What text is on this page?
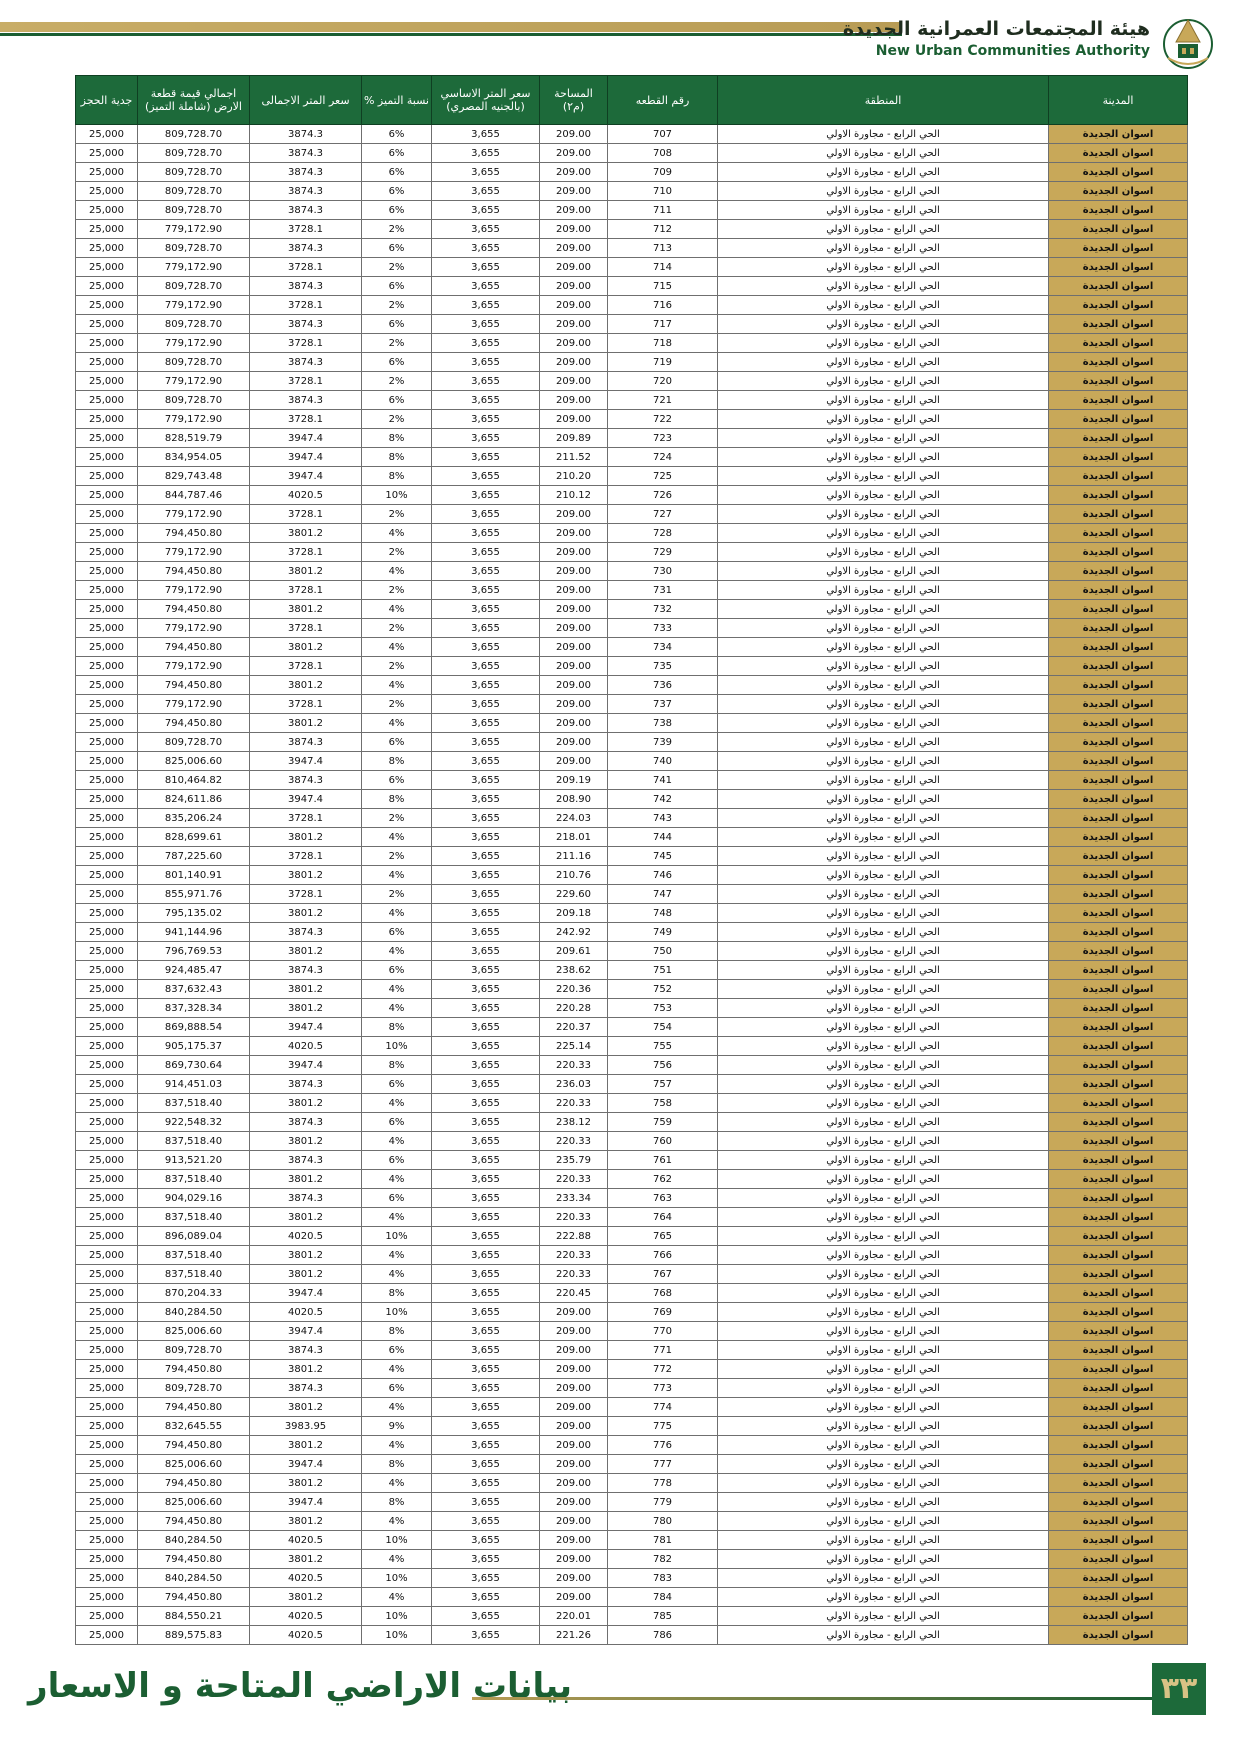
هيئة المجتمعات العمرانية الجديدة
New Urban Communities Authority
جدية الحجز	اجمالي قيمة قطعة الارض (شاملة التميز)	سعر المتر الاجمالى	نسبة التميز %	سعر المتر الاساسي (بالجنيه المصري)	المساحة (م٢)	رقم القطعه	المنطقة	المدينة
25,000	809,728.70	3874.3	6%	3,655	209.00	707	الحي الرابع - مجاورة الاولي	اسوان الجديدة
25,000	809,728.70	3874.3	6%	3,655	209.00	708	الحي الرابع - مجاورة الاولي	اسوان الجديدة
25,000	809,728.70	3874.3	6%	3,655	209.00	709	الحي الرابع - مجاورة الاولي	اسوان الجديدة
25,000	809,728.70	3874.3	6%	3,655	209.00	710	الحي الرابع - مجاورة الاولي	اسوان الجديدة
25,000	809,728.70	3874.3	6%	3,655	209.00	711	الحي الرابع - مجاورة الاولي	اسوان الجديدة
25,000	779,172.90	3728.1	2%	3,655	209.00	712	الحي الرابع - مجاورة الاولي	اسوان الجديدة
25,000	809,728.70	3874.3	6%	3,655	209.00	713	الحي الرابع - مجاورة الاولي	اسوان الجديدة
25,000	779,172.90	3728.1	2%	3,655	209.00	714	الحي الرابع - مجاورة الاولي	اسوان الجديدة
25,000	809,728.70	3874.3	6%	3,655	209.00	715	الحي الرابع - مجاورة الاولي	اسوان الجديدة
25,000	779,172.90	3728.1	2%	3,655	209.00	716	الحي الرابع - مجاورة الاولي	اسوان الجديدة
25,000	809,728.70	3874.3	6%	3,655	209.00	717	الحي الرابع - مجاورة الاولي	اسوان الجديدة
25,000	779,172.90	3728.1	2%	3,655	209.00	718	الحي الرابع - مجاورة الاولي	اسوان الجديدة
25,000	809,728.70	3874.3	6%	3,655	209.00	719	الحي الرابع - مجاورة الاولي	اسوان الجديدة
25,000	779,172.90	3728.1	2%	3,655	209.00	720	الحي الرابع - مجاورة الاولي	اسوان الجديدة
25,000	809,728.70	3874.3	6%	3,655	209.00	721	الحي الرابع - مجاورة الاولي	اسوان الجديدة
25,000	779,172.90	3728.1	2%	3,655	209.00	722	الحي الرابع - مجاورة الاولي	اسوان الجديدة
25,000	828,519.79	3947.4	8%	3,655	209.89	723	الحي الرابع - مجاورة الاولي	اسوان الجديدة
25,000	834,954.05	3947.4	8%	3,655	211.52	724	الحي الرابع - مجاورة الاولي	اسوان الجديدة
25,000	829,743.48	3947.4	8%	3,655	210.20	725	الحي الرابع - مجاورة الاولي	اسوان الجديدة
25,000	844,787.46	4020.5	10%	3,655	210.12	726	الحي الرابع - مجاورة الاولي	اسوان الجديدة
25,000	779,172.90	3728.1	2%	3,655	209.00	727	الحي الرابع - مجاورة الاولي	اسوان الجديدة
25,000	794,450.80	3801.2	4%	3,655	209.00	728	الحي الرابع - مجاورة الاولي	اسوان الجديدة
25,000	779,172.90	3728.1	2%	3,655	209.00	729	الحي الرابع - مجاورة الاولي	اسوان الجديدة
25,000	794,450.80	3801.2	4%	3,655	209.00	730	الحي الرابع - مجاورة الاولي	اسوان الجديدة
25,000	779,172.90	3728.1	2%	3,655	209.00	731	الحي الرابع - مجاورة الاولي	اسوان الجديدة
25,000	794,450.80	3801.2	4%	3,655	209.00	732	الحي الرابع - مجاورة الاولي	اسوان الجديدة
25,000	779,172.90	3728.1	2%	3,655	209.00	733	الحي الرابع - مجاورة الاولي	اسوان الجديدة
25,000	794,450.80	3801.2	4%	3,655	209.00	734	الحي الرابع - مجاورة الاولي	اسوان الجديدة
25,000	779,172.90	3728.1	2%	3,655	209.00	735	الحي الرابع - مجاورة الاولي	اسوان الجديدة
25,000	794,450.80	3801.2	4%	3,655	209.00	736	الحي الرابع - مجاورة الاولي	اسوان الجديدة
25,000	779,172.90	3728.1	2%	3,655	209.00	737	الحي الرابع - مجاورة الاولي	اسوان الجديدة
25,000	794,450.80	3801.2	4%	3,655	209.00	738	الحي الرابع - مجاورة الاولي	اسوان الجديدة
25,000	809,728.70	3874.3	6%	3,655	209.00	739	الحي الرابع - مجاورة الاولي	اسوان الجديدة
25,000	825,006.60	3947.4	8%	3,655	209.00	740	الحي الرابع - مجاورة الاولي	اسوان الجديدة
25,000	810,464.82	3874.3	6%	3,655	209.19	741	الحي الرابع - مجاورة الاولي	اسوان الجديدة
25,000	824,611.86	3947.4	8%	3,655	208.90	742	الحي الرابع - مجاورة الاولي	اسوان الجديدة
25,000	835,206.24	3728.1	2%	3,655	224.03	743	الحي الرابع - مجاورة الاولي	اسوان الجديدة
25,000	828,699.61	3801.2	4%	3,655	218.01	744	الحي الرابع - مجاورة الاولي	اسوان الجديدة
25,000	787,225.60	3728.1	2%	3,655	211.16	745	الحي الرابع - مجاورة الاولي	اسوان الجديدة
25,000	801,140.91	3801.2	4%	3,655	210.76	746	الحي الرابع - مجاورة الاولي	اسوان الجديدة
25,000	855,971.76	3728.1	2%	3,655	229.60	747	الحي الرابع - مجاورة الاولي	اسوان الجديدة
25,000	795,135.02	3801.2	4%	3,655	209.18	748	الحي الرابع - مجاورة الاولي	اسوان الجديدة
25,000	941,144.96	3874.3	6%	3,655	242.92	749	الحي الرابع - مجاورة الاولي	اسوان الجديدة
25,000	796,769.53	3801.2	4%	3,655	209.61	750	الحي الرابع - مجاورة الاولي	اسوان الجديدة
25,000	924,485.47	3874.3	6%	3,655	238.62	751	الحي الرابع - مجاورة الاولي	اسوان الجديدة
25,000	837,632.43	3801.2	4%	3,655	220.36	752	الحي الرابع - مجاورة الاولي	اسوان الجديدة
25,000	837,328.34	3801.2	4%	3,655	220.28	753	الحي الرابع - مجاورة الاولي	اسوان الجديدة
25,000	869,888.54	3947.4	8%	3,655	220.37	754	الحي الرابع - مجاورة الاولي	اسوان الجديدة
25,000	905,175.37	4020.5	10%	3,655	225.14	755	الحي الرابع - مجاورة الاولي	اسوان الجديدة
25,000	869,730.64	3947.4	8%	3,655	220.33	756	الحي الرابع - مجاورة الاولي	اسوان الجديدة
25,000	914,451.03	3874.3	6%	3,655	236.03	757	الحي الرابع - مجاورة الاولي	اسوان الجديدة
25,000	837,518.40	3801.2	4%	3,655	220.33	758	الحي الرابع - مجاورة الاولي	اسوان الجديدة
25,000	922,548.32	3874.3	6%	3,655	238.12	759	الحي الرابع - مجاورة الاولي	اسوان الجديدة
25,000	837,518.40	3801.2	4%	3,655	220.33	760	الحي الرابع - مجاورة الاولي	اسوان الجديدة
25,000	913,521.20	3874.3	6%	3,655	235.79	761	الحي الرابع - مجاورة الاولي	اسوان الجديدة
25,000	837,518.40	3801.2	4%	3,655	220.33	762	الحي الرابع - مجاورة الاولي	اسوان الجديدة
25,000	904,029.16	3874.3	6%	3,655	233.34	763	الحي الرابع - مجاورة الاولي	اسوان الجديدة
25,000	837,518.40	3801.2	4%	3,655	220.33	764	الحي الرابع - مجاورة الاولي	اسوان الجديدة
25,000	896,089.04	4020.5	10%	3,655	222.88	765	الحي الرابع - مجاورة الاولي	اسوان الجديدة
25,000	837,518.40	3801.2	4%	3,655	220.33	766	الحي الرابع - مجاورة الاولي	اسوان الجديدة
25,000	837,518.40	3801.2	4%	3,655	220.33	767	الحي الرابع - مجاورة الاولي	اسوان الجديدة
25,000	870,204.33	3947.4	8%	3,655	220.45	768	الحي الرابع - مجاورة الاولي	اسوان الجديدة
25,000	840,284.50	4020.5	10%	3,655	209.00	769	الحي الرابع - مجاورة الاولي	اسوان الجديدة
25,000	825,006.60	3947.4	8%	3,655	209.00	770	الحي الرابع - مجاورة الاولي	اسوان الجديدة
25,000	809,728.70	3874.3	6%	3,655	209.00	771	الحي الرابع - مجاورة الاولي	اسوان الجديدة
25,000	794,450.80	3801.2	4%	3,655	209.00	772	الحي الرابع - مجاورة الاولي	اسوان الجديدة
25,000	809,728.70	3874.3	6%	3,655	209.00	773	الحي الرابع - مجاورة الاولي	اسوان الجديدة
25,000	794,450.80	3801.2	4%	3,655	209.00	774	الحي الرابع - مجاورة الاولي	اسوان الجديدة
25,000	832,645.55	3983.95	9%	3,655	209.00	775	الحي الرابع - مجاورة الاولي	اسوان الجديدة
25,000	794,450.80	3801.2	4%	3,655	209.00	776	الحي الرابع - مجاورة الاولي	اسوان الجديدة
25,000	825,006.60	3947.4	8%	3,655	209.00	777	الحي الرابع - مجاورة الاولي	اسوان الجديدة
25,000	794,450.80	3801.2	4%	3,655	209.00	778	الحي الرابع - مجاورة الاولي	اسوان الجديدة
25,000	825,006.60	3947.4	8%	3,655	209.00	779	الحي الرابع - مجاورة الاولي	اسوان الجديدة
25,000	794,450.80	3801.2	4%	3,655	209.00	780	الحي الرابع - مجاورة الاولي	اسوان الجديدة
25,000	840,284.50	4020.5	10%	3,655	209.00	781	الحي الرابع - مجاورة الاولي	اسوان الجديدة
25,000	794,450.80	3801.2	4%	3,655	209.00	782	الحي الرابع - مجاورة الاولي	اسوان الجديدة
25,000	840,284.50	4020.5	10%	3,655	209.00	783	الحي الرابع - مجاورة الاولي	اسوان الجديدة
25,000	794,450.80	3801.2	4%	3,655	209.00	784	الحي الرابع - مجاورة الاولي	اسوان الجديدة
25,000	884,550.21	4020.5	10%	3,655	220.01	785	الحي الرابع - مجاورة الاولي	اسوان الجديدة
25,000	889,575.83	4020.5	10%	3,655	221.26	786	الحي الرابع - مجاورة الاولي	اسوان الجديدة
بيانات الاراضي المتاحة و الاسعار	٣٣
